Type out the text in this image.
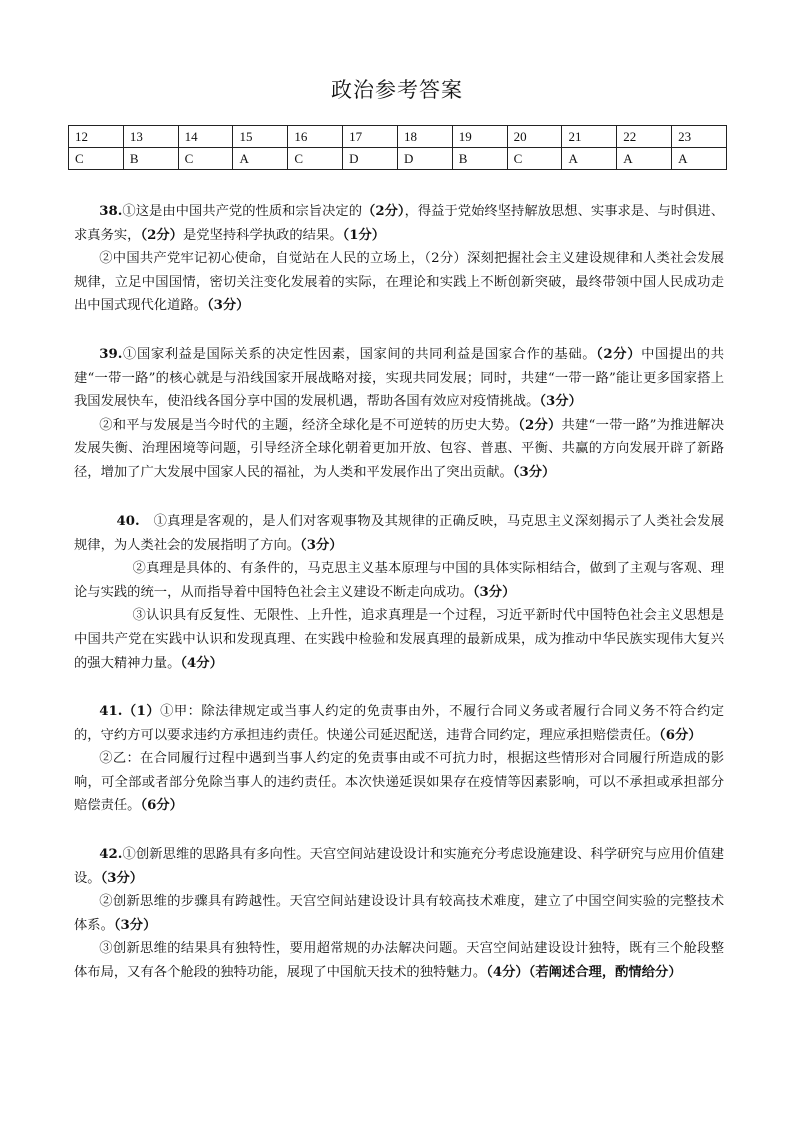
政治参考答案
12	13	14	15	16	17	18	19	20	21	22	23
C	B	C	A	C	D	D	B	C	A	A	A

38.①这是由中国共产党的性质和宗旨决定的（2分），得益于党始终坚持解放思想、实事求是、与时俱进、求真务实，（2分）是党坚持科学执政的结果。（1分）

②中国共产党牢记初心使命，自觉站在人民的立场上，（2分）深刻把握社会主义建设规律和人类社会发展规律，立足中国国情，密切关注变化发展着的实际，在理论和实践上不断创新突破，最终带领中国人民成功走出中国式现代化道路。（3分）

39.①国家利益是国际关系的决定性因素，国家间的共同利益是国家合作的基础。（2分）中国提出的共建“一带一路”的核心就是与沿线国家开展战略对接，实现共同发展；同时，共建“一带一路”能让更多国家搭上我国发展快车，使沿线各国分享中国的发展机遇，帮助各国有效应对疫情挑战。（3分）

②和平与发展是当今时代的主题，经济全球化是不可逆转的历史大势。（2分）共建“一带一路”为推进解决发展失衡、治理困境等问题，引导经济全球化朝着更加开放、包容、普惠、平衡、共赢的方向发展开辟了新路径，增加了广大发展中国家人民的福祉，为人类和平发展作出了突出贡献。（3分）

40.　 ①真理是客观的，是人们对客观事物及其规律的正确反映，马克思主义深刻揭示了人类社会发展规律，为人类社会的发展指明了方向。（3分）

②真理是具体的、有条件的，马克思主义基本原理与中国的具体实际相结合，做到了主观与客观、理论与实践的统一，从而指导着中国特色社会主义建设不断走向成功。（3分）

③认识具有反复性、无限性、上升性，追求真理是一个过程，习近平新时代中国特色社会主义思想是中国共产党在实践中认识和发现真理、在实践中检验和发展真理的最新成果，成为推动中华民族实现伟大复兴的强大精神力量。（4分）

41.（1）①甲：除法律规定或当事人约定的免责事由外，不履行合同义务或者履行合同义务不符合约定的，守约方可以要求违约方承担违约责任。快递公司延迟配送，违背合同约定，理应承担赔偿责任。（6分）

②乙：在合同履行过程中遇到当事人约定的免责事由或不可抗力时，根据这些情形对合同履行所造成的影响，可全部或者部分免除当事人的违约责任。本次快递延误如果存在疫情等因素影响，可以不承担或承担部分赔偿责任。（6分）

42.①创新思维的思路具有多向性。天宫空间站建设设计和实施充分考虑设施建设、科学研究与应用价值建设。（3分）

②创新思维的步骤具有跨越性。天宫空间站建设设计具有较高技术难度，建立了中国空间实验的完整技术体系。（3分）

③创新思维的结果具有独特性，要用超常规的办法解决问题。天宫空间站建设设计独特，既有三个舱段整体布局，又有各个舱段的独特功能，展现了中国航天技术的独特魅力。（4分）（若阐述合理，酌情给分）
